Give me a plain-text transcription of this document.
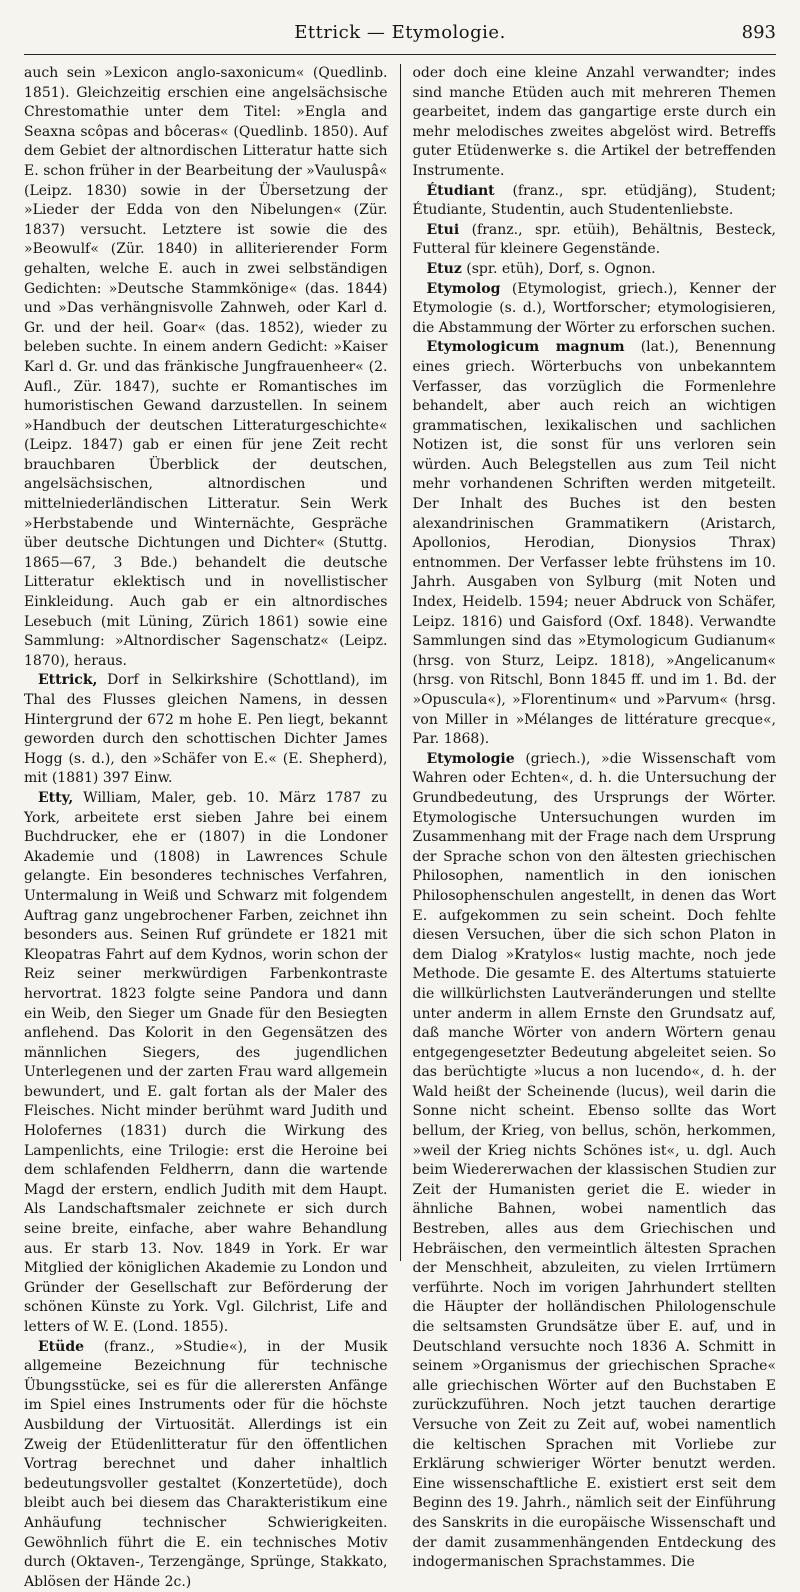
Ettrick — Etymologie.	893

auch sein »Lexicon anglo-saxonicum« (Quedlinb. 1851). Gleichzeitig erschien eine angelsächsische Chrestomathie unter dem Titel: »Engla and Seaxna scôpas and bôceras« (Quedlinb. 1850). Auf dem Gebiet der altnordischen Litteratur hatte sich E. schon früher in der Bearbeitung der »Vauluspâ« (Leipz. 1830) sowie in der Übersetzung der »Lieder der Edda von den Nibelungen« (Zür. 1837) versucht. Letztere ist sowie die des »Beowulf« (Zür. 1840) in alliterierender Form gehalten, welche E. auch in zwei selbständigen Gedichten: »Deutsche Stammkönige« (das. 1844) und »Das verhängnisvolle Zahnweh, oder Karl d. Gr. und der heil. Goar« (das. 1852), wieder zu beleben suchte. In einem andern Gedicht: »Kaiser Karl d. Gr. und das fränkische Jungfrauenheer« (2. Aufl., Zür. 1847), suchte er Romantisches im humoristischen Gewand darzustellen. In seinem »Handbuch der deutschen Litteraturgeschichte« (Leipz. 1847) gab er einen für jene Zeit recht brauchbaren Überblick der deutschen, angelsächsischen, altnordischen und mittelniederländischen Litteratur. Sein Werk »Herbstabende und Winternächte, Gespräche über deutsche Dichtungen und Dichter« (Stuttg. 1865—67, 3 Bde.) behandelt die deutsche Litteratur eklektisch und in novellistischer Einkleidung. Auch gab er ein altnordisches Lesebuch (mit Lüning, Zürich 1861) sowie eine Sammlung: »Altnordischer Sagenschatz« (Leipz. 1870), heraus.

Ettrick, Dorf in Selkirkshire (Schottland), im Thal des Flusses gleichen Namens, in dessen Hintergrund der 672 m hohe E. Pen liegt, bekannt geworden durch den schottischen Dichter James Hogg (s. d.), den »Schäfer von E.« (E. Shepherd), mit (1881) 397 Einw.

Etty, William, Maler, geb. 10. März 1787 zu York, arbeitete erst sieben Jahre bei einem Buchdrucker, ehe er (1807) in die Londoner Akademie und (1808) in Lawrences Schule gelangte. Ein besonderes technisches Verfahren, Untermalung in Weiß und Schwarz mit folgendem Auftrag ganz ungebrochener Farben, zeichnet ihn besonders aus. Seinen Ruf gründete er 1821 mit Kleopatras Fahrt auf dem Kydnos, worin schon der Reiz seiner merkwürdigen Farbenkontraste hervortrat. 1823 folgte seine Pandora und dann ein Weib, den Sieger um Gnade für den Besiegten anflehend. Das Kolorit in den Gegensätzen des männlichen Siegers, des jugendlichen Unterlegenen und der zarten Frau ward allgemein bewundert, und E. galt fortan als der Maler des Fleisches. Nicht minder berühmt ward Judith und Holofernes (1831) durch die Wirkung des Lampenlichts, eine Trilogie: erst die Heroine bei dem schlafenden Feldherrn, dann die wartende Magd der erstern, endlich Judith mit dem Haupt. Als Landschaftsmaler zeichnete er sich durch seine breite, einfache, aber wahre Behandlung aus. Er starb 13. Nov. 1849 in York. Er war Mitglied der königlichen Akademie zu London und Gründer der Gesellschaft zur Beförderung der schönen Künste zu York. Vgl. Gilchrist, Life and letters of W. E. (Lond. 1855).

Etüde (franz., »Studie«), in der Musik allgemeine Bezeichnung für technische Übungsstücke, sei es für die allerersten Anfänge im Spiel eines Instruments oder für die höchste Ausbildung der Virtuosität. Allerdings ist ein Zweig der Etüdenlitteratur für den öffentlichen Vortrag berechnet und daher inhaltlich bedeutungsvoller gestaltet (Konzertetüde), doch bleibt auch bei diesem das Charakteristikum eine Anhäufung technischer Schwierigkeiten. Gewöhnlich führt die E. ein technisches Motiv durch (Oktaven-, Terzengänge, Sprünge, Stakkato, Ablösen der Hände 2c.)

oder doch eine kleine Anzahl verwandter; indes sind manche Etüden auch mit mehreren Themen gearbeitet, indem das gangartige erste durch ein mehr melodisches zweites abgelöst wird. Betreffs guter Etüdenwerke s. die Artikel der betreffenden Instrumente.

Étudiant (franz., spr. etüdjäng), Student; Étudiante, Studentin, auch Studentenliebste.

Etui (franz., spr. etüih), Behältnis, Besteck, Futteral für kleinere Gegenstände.

Etuz (spr. etüh), Dorf, s. Ognon.

Etymolog (Etymologist, griech.), Kenner der Etymologie (s. d.), Wortforscher; etymologisieren, die Abstammung der Wörter zu erforschen suchen.

Etymologicum magnum (lat.), Benennung eines griech. Wörterbuchs von unbekanntem Verfasser, das vorzüglich die Formenlehre behandelt, aber auch reich an wichtigen grammatischen, lexikalischen und sachlichen Notizen ist, die sonst für uns verloren sein würden. Auch Belegstellen aus zum Teil nicht mehr vorhandenen Schriften werden mitgeteilt. Der Inhalt des Buches ist den besten alexandrinischen Grammatikern (Aristarch, Apollonios, Herodian, Dionysios Thrax) entnommen. Der Verfasser lebte frühstens im 10. Jahrh. Ausgaben von Sylburg (mit Noten und Index, Heidelb. 1594; neuer Abdruck von Schäfer, Leipz. 1816) und Gaisford (Oxf. 1848). Verwandte Sammlungen sind das »Etymologicum Gudianum« (hrsg. von Sturz, Leipz. 1818), »Angelicanum« (hrsg. von Ritschl, Bonn 1845 ff. und im 1. Bd. der »Opuscula«), »Florentinum« und »Parvum« (hrsg. von Miller in »Mélanges de littérature grecque«, Par. 1868).

Etymologie (griech.), »die Wissenschaft vom Wahren oder Echten«, d. h. die Untersuchung der Grundbedeutung, des Ursprungs der Wörter. Etymologische Untersuchungen wurden im Zusammenhang mit der Frage nach dem Ursprung der Sprache schon von den ältesten griechischen Philosophen, namentlich in den ionischen Philosophenschulen angestellt, in denen das Wort E. aufgekommen zu sein scheint. Doch fehlte diesen Versuchen, über die sich schon Platon in dem Dialog »Kratylos« lustig machte, noch jede Methode. Die gesamte E. des Altertums statuierte die willkürlichsten Lautveränderungen und stellte unter anderm in allem Ernste den Grundsatz auf, daß manche Wörter von andern Wörtern genau entgegengesetzter Bedeutung abgeleitet seien. So das berüchtigte »lucus a non lucendo«, d. h. der Wald heißt der Scheinende (lucus), weil darin die Sonne nicht scheint. Ebenso sollte das Wort bellum, der Krieg, von bellus, schön, herkommen, »weil der Krieg nichts Schönes ist«, u. dgl. Auch beim Wiedererwachen der klassischen Studien zur Zeit der Humanisten geriet die E. wieder in ähnliche Bahnen, wobei namentlich das Bestreben, alles aus dem Griechischen und Hebräischen, den vermeintlich ältesten Sprachen der Menschheit, abzuleiten, zu vielen Irrtümern verführte. Noch im vorigen Jahrhundert stellten die Häupter der holländischen Philologenschule die seltsamsten Grundsätze über E. auf, und in Deutschland versuchte noch 1836 A. Schmitt in seinem »Organismus der griechischen Sprache« alle griechischen Wörter auf den Buchstaben E zurückzuführen. Noch jetzt tauchen derartige Versuche von Zeit zu Zeit auf, wobei namentlich die keltischen Sprachen mit Vorliebe zur Erklärung schwieriger Wörter benutzt werden. Eine wissenschaftliche E. existiert erst seit dem Beginn des 19. Jahrh., nämlich seit der Einführung des Sanskrits in die europäische Wissenschaft und der damit zusammenhängenden Entdeckung des indogermanischen Sprachstammes. Die
